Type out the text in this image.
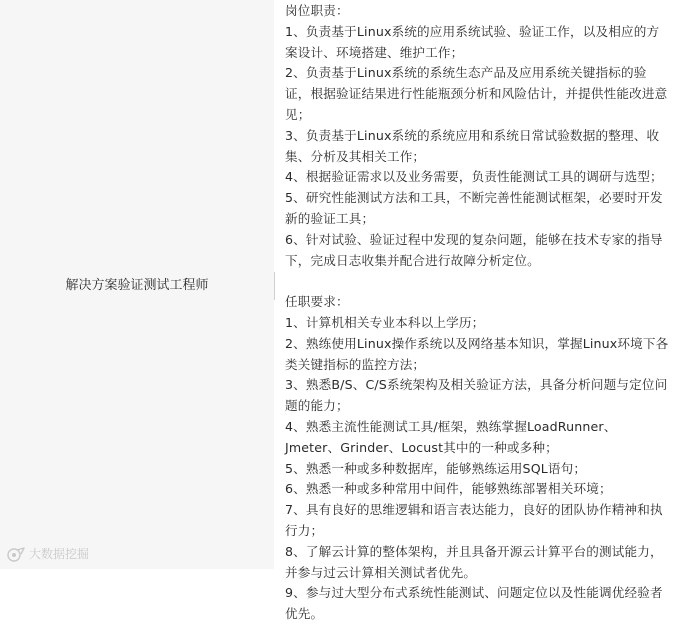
解决方案验证测试工程师

岗位职责：

1、负责基于Linux系统的应用系统试验、验证工作，以及相应的方案设计、环境搭建、维护工作；
2、负责基于Linux系统的系统生态产品及应用系统关键指标的验证，根据验证结果进行性能瓶颈分析和风险估计，并提供性能改进意见；
3、负责基于Linux系统的系统应用和系统日常试验数据的整理、收集、分析及其相关工作；
4、根据验证需求以及业务需要，负责性能测试工具的调研与选型；
5、研究性能测试方法和工具，不断完善性能测试框架，必要时开发新的验证工具；
6、针对试验、验证过程中发现的复杂问题，能够在技术专家的指导下，完成日志收集并配合进行故障分析定位。

任职要求：

1、计算机相关专业本科以上学历；
2、熟练使用Linux操作系统以及网络基本知识，掌握Linux环境下各类关键指标的监控方法；
3、熟悉B/S、C/S系统架构及相关验证方法，具备分析问题与定位问题的能力；
4、熟悉主流性能测试工具/框架，熟练掌握LoadRunner、Jmeter、Grinder、Locust其中的一种或多种；
5、熟悉一种或多种数据库，能够熟练运用SQL语句；
6、熟悉一种或多种常用中间件，能够熟练部署相关环境；
7、具有良好的思维逻辑和语言表达能力，良好的团队协作精神和执行力；
8、了解云计算的整体架构，并且具备开源云计算平台的测试能力，并参与过云计算相关测试者优先。
9、参与过大型分布式系统性能测试、问题定位以及性能调优经验者优先。
大数据挖掘
